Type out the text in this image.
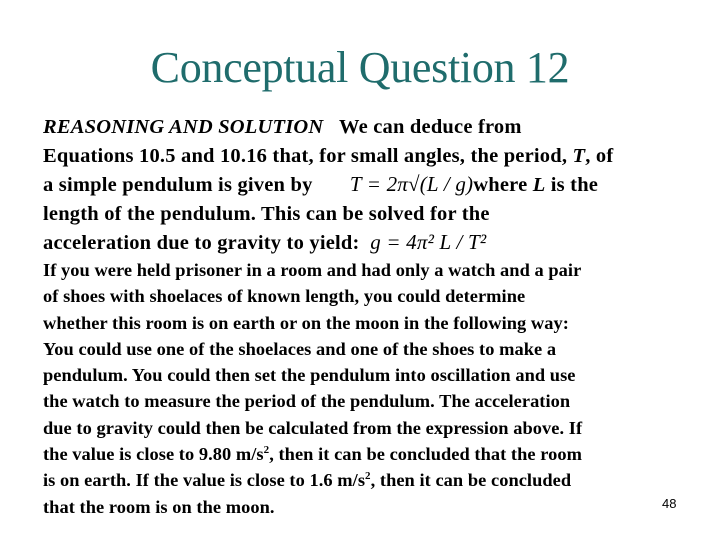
Conceptual Question 12
REASONING AND SOLUTION We can deduce from
Equations 10.5 and 10.16 that, for small angles, the period, T, of
a simple pendulum is given by T = 2π√(L / g)where L is the
length of the pendulum. This can be solved for the
acceleration due to gravity to yield: g = 4π² L / T²
If you were held prisoner in a room and had only a watch and a pair
of shoes with shoelaces of known length, you could determine
whether this room is on earth or on the moon in the following way:
You could use one of the shoelaces and one of the shoes to make a
pendulum. You could then set the pendulum into oscillation and use
the watch to measure the period of the pendulum. The acceleration
due to gravity could then be calculated from the expression above. If
the value is close to 9.80 $m/s^2$, then it can be concluded that the room
is on earth. If the value is close to 1.6 $m/s^2$, then it can be concluded
that the room is on the moon.	48
